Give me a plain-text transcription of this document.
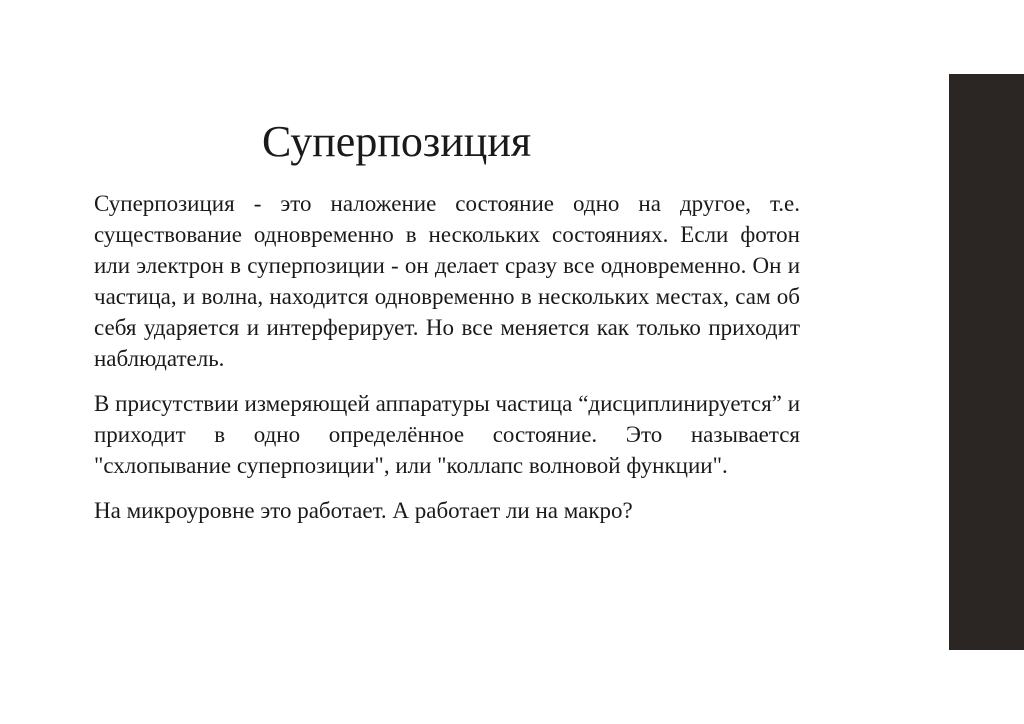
Суперпозиция

Суперпозиция - это наложение состояние одно на другое, т.е. существование одновременно в нескольких состояниях. Если фотон или электрон в суперпозиции - он делает сразу все одновременно. Он и частица, и волна, находится одновременно в нескольких местах, сам об себя ударяется и интерферирует. Но все меняется как только приходит наблюдатель.

В присутствии измеряющей аппаратуры частица “дисциплинируется” и приходит в одно определённое состояние. Это называется "схлопывание суперпозиции", или "коллапс волновой функции".

На микроуровне это работает. А работает ли на макро?
